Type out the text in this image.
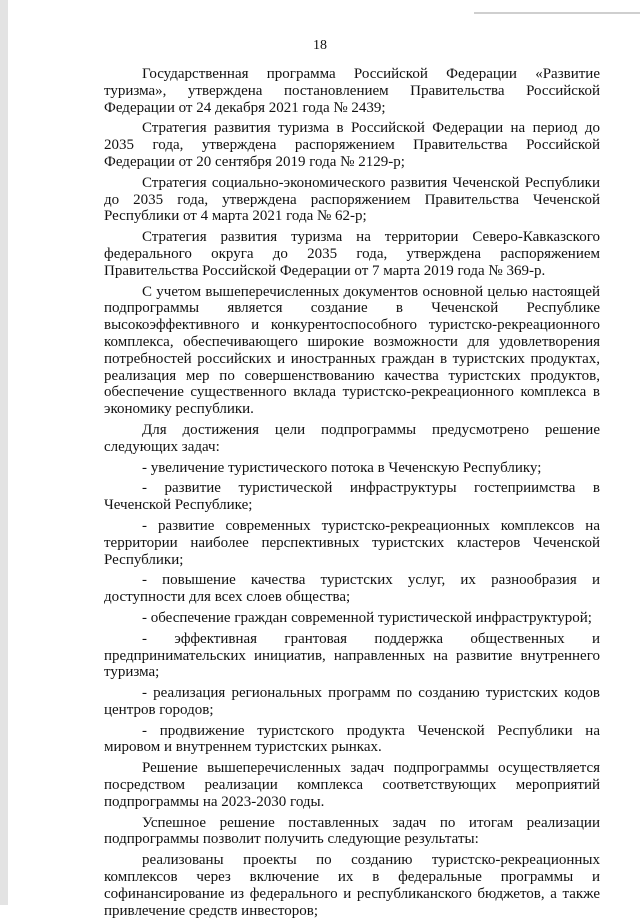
18

Государственная программа Российской Федерации «Развитие туризма», утверждена постановлением Правительства Российской Федерации от 24 декабря 2021 года № 2439;

Стратегия развития туризма в Российской Федерации на период до 2035 года, утверждена распоряжением Правительства Российской Федерации от 20 сентября 2019 года № 2129-р;

Стратегия социально-экономического развития Чеченской Республики до 2035 года, утверждена распоряжением Правительства Чеченской Республики от 4 марта 2021 года № 62-р;

Стратегия развития туризма на территории Северо-Кавказского федерального округа до 2035 года, утверждена распоряжением Правительства Российской Федерации от 7 марта 2019 года № 369-р.

С учетом вышеперечисленных документов основной целью настоящей подпрограммы является создание в Чеченской Республике высокоэффективного и конкурентоспособного туристско-рекреационного комплекса, обеспечивающего широкие возможности для удовлетворения потребностей российских и иностранных граждан в туристских продуктах, реализация мер по совершенствованию качества туристских продуктов, обеспечение существенного вклада туристско-рекреационного комплекса в экономику республики.

Для достижения цели подпрограммы предусмотрено решение следующих задач:

- увеличение туристического потока в Чеченскую Республику;

- развитие туристической инфраструктуры гостеприимства в Чеченской Республике;

- развитие современных туристско-рекреационных комплексов на территории наиболее перспективных туристских кластеров Чеченской Республики;

- повышение качества туристских услуг, их разнообразия и доступности для всех слоев общества;

- обеспечение граждан современной туристической инфраструктурой;

- эффективная грантовая поддержка общественных и предпринимательских инициатив, направленных на развитие внутреннего туризма;

- реализация региональных программ по созданию туристских кодов центров городов;

- продвижение туристского продукта Чеченской Республики на мировом и внутреннем туристских рынках.

Решение вышеперечисленных задач подпрограммы осуществляется посредством реализации комплекса соответствующих мероприятий подпрограммы на 2023-2030 годы.

Успешное решение поставленных задач по итогам реализации подпрограммы позволит получить следующие результаты:

реализованы проекты по созданию туристско-рекреационных комплексов через включение их в федеральные программы и софинансирование из федерального и республиканского бюджетов, а также привлечение средств инвесторов;
